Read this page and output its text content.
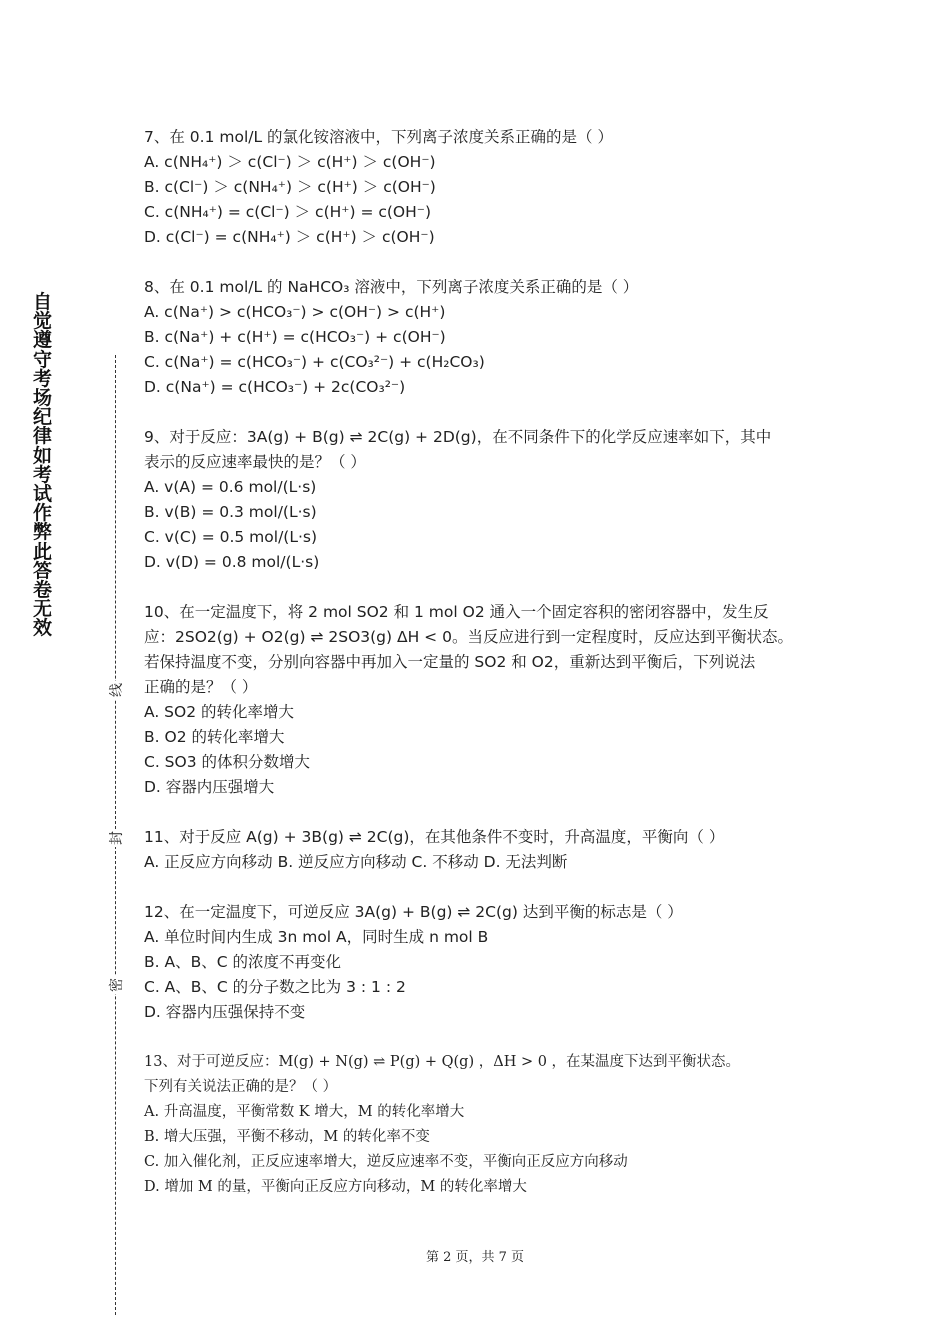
自觉遵守考场纪律如考试作弊此答卷无效
线
封
密

7、在 0.1 mol/L 的氯化铵溶液中，下列离子浓度关系正确的是（ ）

A. c(NH₄⁺) ＞ c(Cl⁻) ＞ c(H⁺) ＞ c(OH⁻)

B. c(Cl⁻) ＞ c(NH₄⁺) ＞ c(H⁺) ＞ c(OH⁻)

C. c(NH₄⁺) = c(Cl⁻) ＞ c(H⁺) = c(OH⁻)

D. c(Cl⁻) = c(NH₄⁺) ＞ c(H⁺) ＞ c(OH⁻)

8、在 0.1 mol/L 的 NaHCO₃ 溶液中，下列离子浓度关系正确的是（ ）

A. c(Na⁺) > c(HCO₃⁻) > c(OH⁻) > c(H⁺)

B. c(Na⁺) + c(H⁺) = c(HCO₃⁻) + c(OH⁻)

C. c(Na⁺) = c(HCO₃⁻) + c(CO₃²⁻) + c(H₂CO₃)

D. c(Na⁺) = c(HCO₃⁻) + 2c(CO₃²⁻)

9、对于反应：3A(g) + B(g) ⇌ 2C(g) + 2D(g)，在不同条件下的化学反应速率如下，其中

表示的反应速率最快的是？（ ）

A. v(A) = 0.6 mol/(L·s)

B. v(B) = 0.3 mol/(L·s)

C. v(C) = 0.5 mol/(L·s)

D. v(D) = 0.8 mol/(L·s)

10、在一定温度下，将 2 mol SO2 和 1 mol O2 通入一个固定容积的密闭容器中，发生反

应：2SO2(g) + O2(g) ⇌ 2SO3(g) ΔH < 0。当反应进行到一定程度时，反应达到平衡状态。

若保持温度不变，分别向容器中再加入一定量的 SO2 和 O2，重新达到平衡后，下列说法

正确的是？（ ）

A. SO2 的转化率增大

B. O2 的转化率增大

C. SO3 的体积分数增大

D. 容器内压强增大

11、对于反应 A(g) + 3B(g) ⇌ 2C(g)，在其他条件不变时，升高温度，平衡向（ ）

A. 正反应方向移动 B. 逆反应方向移动 C. 不移动 D. 无法判断

12、在一定温度下，可逆反应 3A(g) + B(g) ⇌ 2C(g) 达到平衡的标志是（ ）

A. 单位时间内生成 3n mol A，同时生成 n mol B

B. A、B、C 的浓度不再变化

C. A、B、C 的分子数之比为 3 : 1 : 2

D. 容器内压强保持不变

13、对于可逆反应：M(g) + N(g) ⇌ P(g) + Q(g) ，ΔH > 0 ，在某温度下达到平衡状态。

下列有关说法正确的是？（ ）

A. 升高温度，平衡常数 K 增大，M 的转化率增大

B. 增大压强，平衡不移动，M 的转化率不变

C. 加入催化剂，正反应速率增大，逆反应速率不变，平衡向正反应方向移动

D. 增加 M 的量，平衡向正反应方向移动，M 的转化率增大

第 2 页，共 7 页
